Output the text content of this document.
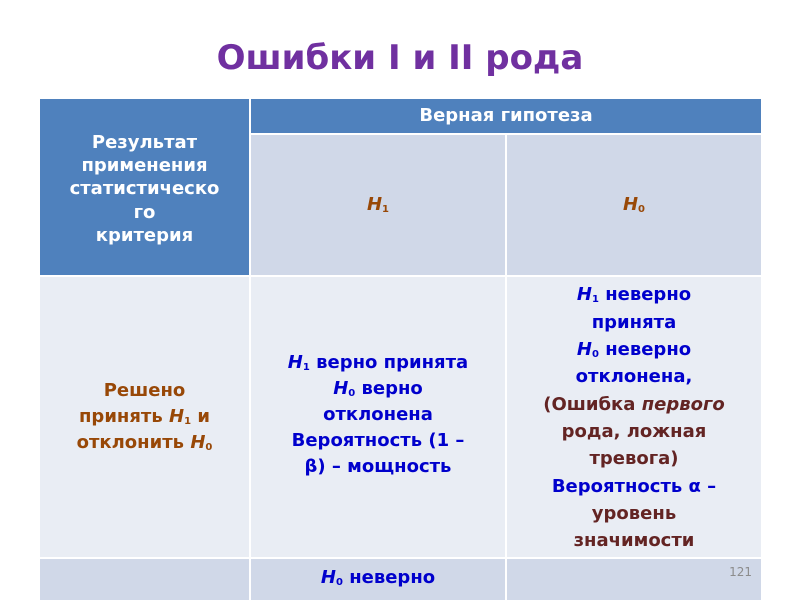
Ошибки I и II рода
Результат
применения
статистическо
го
критерия
Верная гипотеза
$H_1$	$H_0$
Решено
принять $H_1$ и
отклонить $H_0$
$H_1$ верно принята
$H_0$ верно
отклонена
Вероятность (1 –
β) – мощность
$H_1$ неверно
принята
$H_0$ неверно
отклонена,
(Ошибка первого
рода, ложная
тревога)
Вероятность α –
уровень
значимости
$H_0$ неверно	121
